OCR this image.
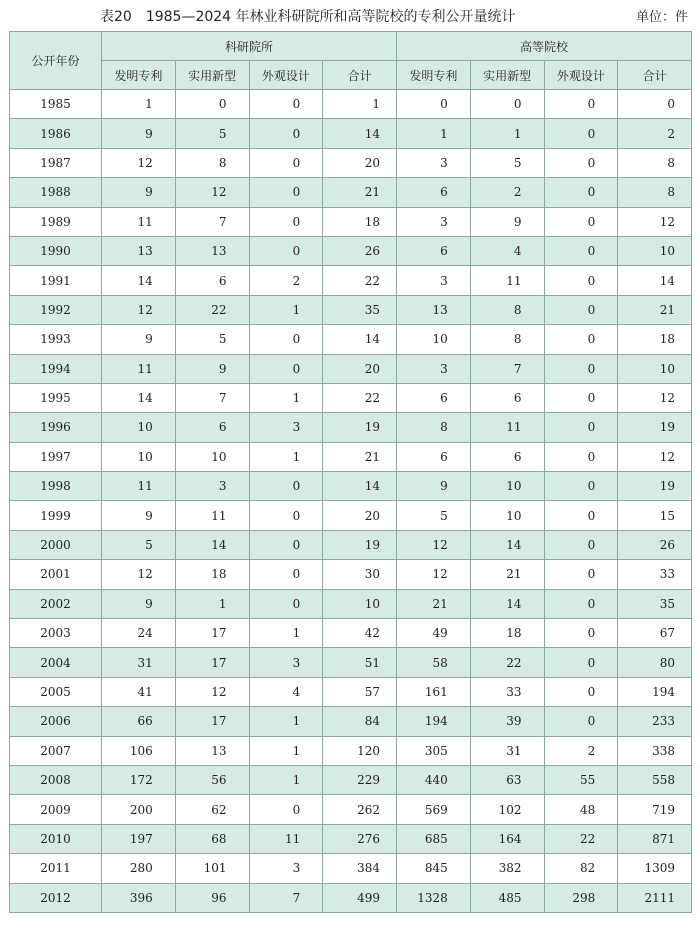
表20　1985—2024 年林业科研院所和高等院校的专利公开量统计	单位：件
公开年份	科研院所				高等院校			
	发明专利	实用新型	外观设计	合计	发明专利	实用新型	外观设计	合计
1985	1	0	0	1	0	0	0	0
1986	9	5	0	14	1	1	0	2
1987	12	8	0	20	3	5	0	8
1988	9	12	0	21	6	2	0	8
1989	11	7	0	18	3	9	0	12
1990	13	13	0	26	6	4	0	10
1991	14	6	2	22	3	11	0	14
1992	12	22	1	35	13	8	0	21
1993	9	5	0	14	10	8	0	18
1994	11	9	0	20	3	7	0	10
1995	14	7	1	22	6	6	0	12
1996	10	6	3	19	8	11	0	19
1997	10	10	1	21	6	6	0	12
1998	11	3	0	14	9	10	0	19
1999	9	11	0	20	5	10	0	15
2000	5	14	0	19	12	14	0	26
2001	12	18	0	30	12	21	0	33
2002	9	1	0	10	21	14	0	35
2003	24	17	1	42	49	18	0	67
2004	31	17	3	51	58	22	0	80
2005	41	12	4	57	161	33	0	194
2006	66	17	1	84	194	39	0	233
2007	106	13	1	120	305	31	2	338
2008	172	56	1	229	440	63	55	558
2009	200	62	0	262	569	102	48	719
2010	197	68	11	276	685	164	22	871
2011	280	101	3	384	845	382	82	1309
2012	396	96	7	499	1328	485	298	2111
